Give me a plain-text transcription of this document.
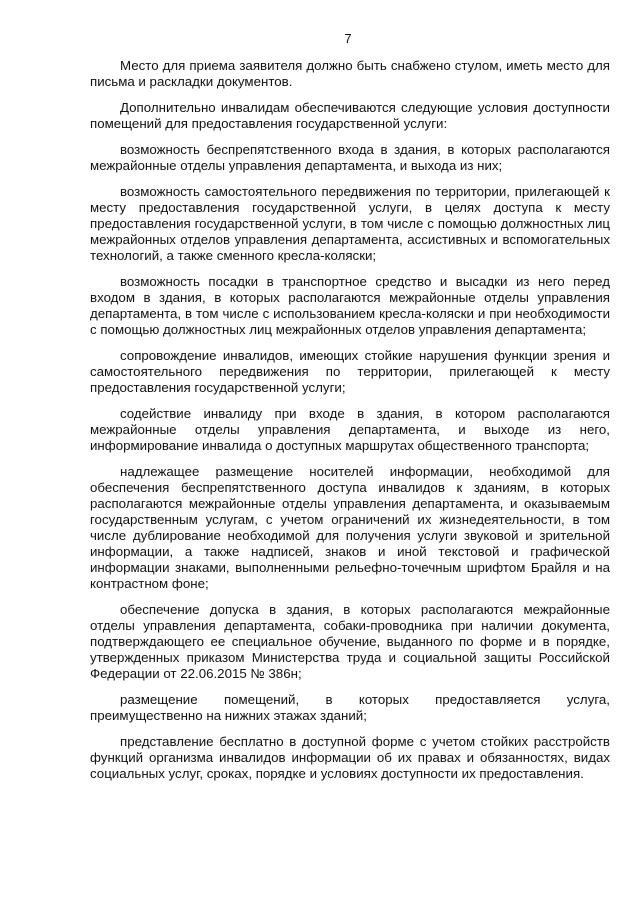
7

Место для приема заявителя должно быть снабжено стулом, иметь место для письма и раскладки документов.

Дополнительно инвалидам обеспечиваются следующие условия доступности помещений для предоставления государственной услуги:

возможность беспрепятственного входа в здания, в которых располагаются межрайонные отделы управления департамента, и выхода из них;

возможность самостоятельного передвижения по территории, прилегающей к месту предоставления государственной услуги, в целях доступа к месту предоставления государственной услуги, в том числе с помощью должностных лиц межрайонных отделов управления департамента, ассистивных и вспомогательных технологий, а также сменного кресла-коляски;

возможность посадки в транспортное средство и высадки из него перед входом в здания, в которых располагаются межрайонные отделы управления департамента, в том числе с использованием кресла-коляски и при необходимости с помощью должностных лиц межрайонных отделов управления департамента;

сопровождение инвалидов, имеющих стойкие нарушения функции зрения и самостоятельного передвижения по территории, прилегающей к месту предоставления государственной услуги;

содействие инвалиду при входе в здания, в котором располагаются межрайонные отделы управления департамента, и выходе из него, информирование инвалида о доступных маршрутах общественного транспорта;

надлежащее размещение носителей информации, необходимой для обеспечения беспрепятственного доступа инвалидов к зданиям, в которых располагаются межрайонные отделы управления департамента, и оказываемым государственным услугам, с учетом ограничений их жизнедеятельности, в том числе дублирование необходимой для получения услуги звуковой и зрительной информации, а также надписей, знаков и иной текстовой и графической информации знаками, выполненными рельефно-точечным шрифтом Брайля и на контрастном фоне;

обеспечение допуска в здания, в которых располагаются межрайонные отделы управления департамента, собаки-проводника при наличии документа, подтверждающего ее специальное обучение, выданного по форме и в порядке, утвержденных приказом Министерства труда и социальной защиты Российской Федерации от 22.06.2015 № 386н;

размещение помещений, в которых предоставляется услуга, преимущественно на нижних этажах зданий;

представление бесплатно в доступной форме с учетом стойких расстройств функций организма инвалидов информации об их правах и обязанностях, видах социальных услуг, сроках, порядке и условиях доступности их предоставления.
